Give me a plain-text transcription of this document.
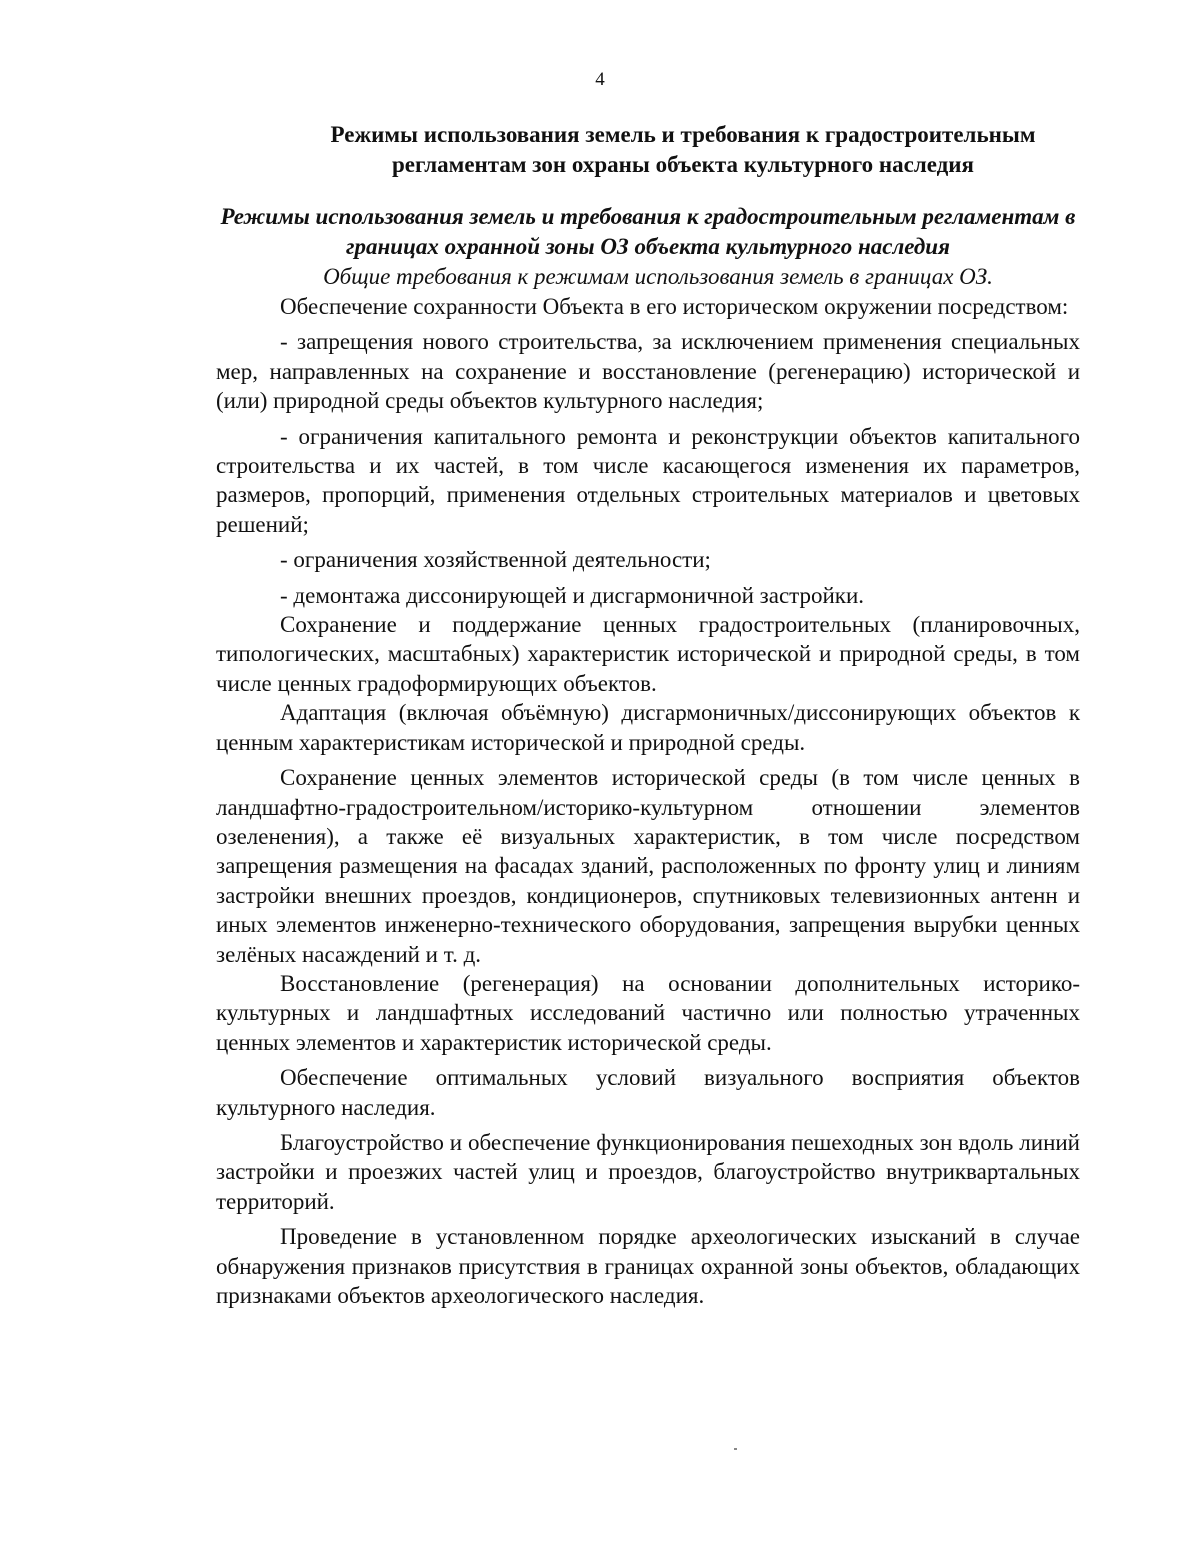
4
Режимы использования земель и требования к градостроительным регламентам зон охраны объекта культурного наследия
Режимы использования земель и требования к градостроительным регламентам в границах охранной зоны ОЗ объекта культурного наследия

Общие требования к режимам использования земель в границах ОЗ.

Обеспечение сохранности Объекта в его историческом окружении посредством:

- запрещения нового строительства, за исключением применения специальных мер, направленных на сохранение и восстановление (регенерацию) исторической и (или) природной среды объектов культурного наследия;

- ограничения капитального ремонта и реконструкции объектов капитального строительства и их частей, в том числе касающегося изменения их параметров, размеров, пропорций, применения отдельных строительных материалов и цветовых решений;

- ограничения хозяйственной деятельности;

- демонтажа диссонирующей и дисгармоничной застройки.

Сохранение и поддержание ценных градостроительных (планировочных, типологических, масштабных) характеристик исторической и природной среды, в том числе ценных градоформирующих объектов.

Адаптация (включая объёмную) дисгармоничных/диссонирующих объектов к ценным характеристикам исторической и природной среды.

Сохранение ценных элементов исторической среды (в том числе ценных в ландшафтно-градостроительном/историко-культурном отношении элементов озеленения), а также её визуальных характеристик, в том числе посредством запрещения размещения на фасадах зданий, расположенных по фронту улиц и линиям застройки внешних проездов, кондиционеров, спутниковых телевизионных антенн и иных элементов инженерно-технического оборудования, запрещения вырубки ценных зелёных насаждений и т. д.

Восстановление (регенерация) на основании дополнительных историко-культурных и ландшафтных исследований частично или полностью утраченных ценных элементов и характеристик исторической среды.

Обеспечение оптимальных условий визуального восприятия объектов культурного наследия.

Благоустройство и обеспечение функционирования пешеходных зон вдоль линий застройки и проезжих частей улиц и проездов, благоустройство внутриквартальных территорий.

Проведение в установленном порядке археологических изысканий в случае обнаружения признаков присутствия в границах охранной зоны объектов, обладающих признаками объектов археологического наследия.
